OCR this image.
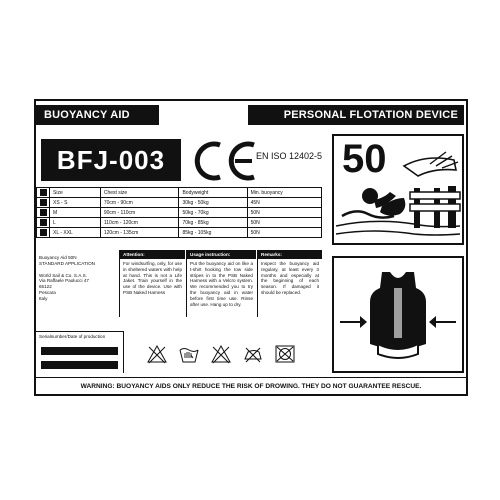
BUOYANCY AID	PERSONAL FLOTATION DEVICE
BFJ-003	EN ISO 12402-5 50
	Size	Chest size	Bodyweight	Min. buoyancy
	XS - S	70cm - 90cm	30kg - 50kg	45N
	M	90cm - 110cm	50kg - 70kg	50N
	L	110cm - 120cm	70kg - 85kg	50N
	XL - XXL	120cm - 135cm	85kg - 105kg	50N
Buoyancy Aid 50N
STANDARD APPLICATION
World Sail & Co. S.A.S.
Via Raffaele Paolucci 47
65122
Pescara
Italy
Attention:
For windsurfing, only, for use in sheltered waters with help at hand. This is not a Life Jaket. Train yourself in the use of the device. Use with PSB Naked Harness
Usage instruction:
Put the buoyancy aid on like a t-shirt hooking the tow side stripes in to the PSB Naked Harness with a Velcro system. We recommended you to try the buoyancy aid in water before first time use. Rinse after use. Hang up to dry.
Remarks:
Inspect the buoyancy aid regulary, at least every 3 months and especially at the beginning of each season. If damaged it should be replaced.
Serialnumber/Date of production
WARNING: BUOYANCY AIDS ONLY REDUCE THE RISK OF DROWING. THEY DO NOT GUARANTEE RESCUE.
